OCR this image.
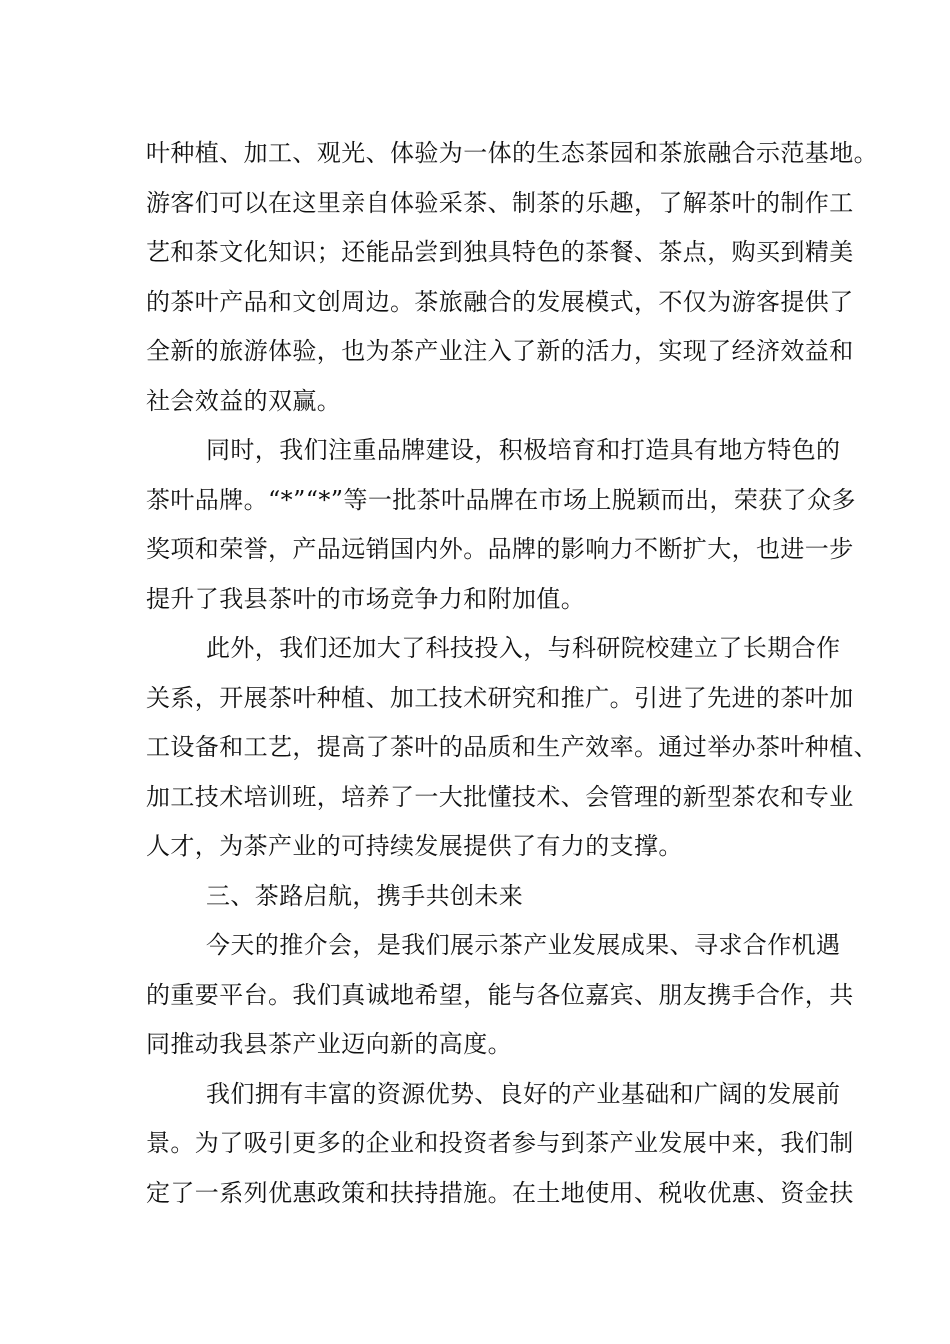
叶种植、加工、观光、体验为一体的生态茶园和茶旅融合示范基地。
游客们可以在这里亲自体验采茶、制茶的乐趣，了解茶叶的制作工
艺和茶文化知识；还能品尝到独具特色的茶餐、茶点，购买到精美
的茶叶产品和文创周边。茶旅融合的发展模式，不仅为游客提供了
全新的旅游体验，也为茶产业注入了新的活力，实现了经济效益和
社会效益的双赢。
同时，我们注重品牌建设，积极培育和打造具有地方特色的
茶叶品牌。“*”“*”等一批茶叶品牌在市场上脱颖而出，荣获了众多
奖项和荣誉，产品远销国内外。品牌的影响力不断扩大，也进一步
提升了我县茶叶的市场竞争力和附加值。
此外，我们还加大了科技投入，与科研院校建立了长期合作
关系，开展茶叶种植、加工技术研究和推广。引进了先进的茶叶加
工设备和工艺，提高了茶叶的品质和生产效率。通过举办茶叶种植、
加工技术培训班，培养了一大批懂技术、会管理的新型茶农和专业
人才，为茶产业的可持续发展提供了有力的支撑。
三、茶路启航，携手共创未来
今天的推介会，是我们展示茶产业发展成果、寻求合作机遇
的重要平台。我们真诚地希望，能与各位嘉宾、朋友携手合作，共
同推动我县茶产业迈向新的高度。
我们拥有丰富的资源优势、良好的产业基础和广阔的发展前
景。为了吸引更多的企业和投资者参与到茶产业发展中来，我们制
定了一系列优惠政策和扶持措施。在土地使用、税收优惠、资金扶
